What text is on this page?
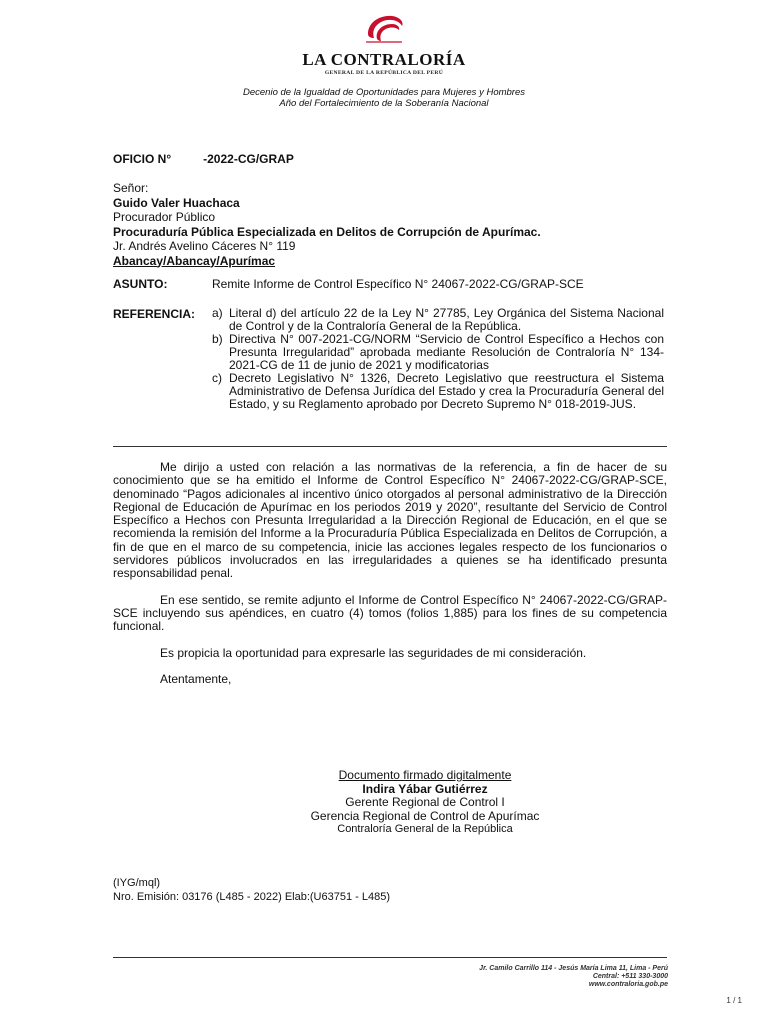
LA CONTRALORÍA
GENERAL DE LA REPÚBLICA DEL PERÚ
Decenio de la Igualdad de Oportunidades para Mujeres y Hombres
Año del Fortalecimiento de la Soberanía Nacional
OFICIO N°	-2022-CG/GRAP
Señor:
Guido Valer Huachaca
Procurador Público
Procuraduría Pública Especializada en Delitos de Corrupción de Apurímac.
Jr. Andrés Avelino Cáceres N° 119
Abancay/Abancay/Apurímac
ASUNTO:	Remite Informe de Control Específico N° 24067-2022-CG/GRAP-SCE
REFERENCIA: a) Literal d) del artículo 22 de la Ley N° 27785, Ley Orgánica del Sistema Nacional de Control y de la Contraloría General de la República.
b) Directiva N° 007-2021-CG/NORM “Servicio de Control Específico a Hechos con Presunta Irregularidad” aprobada mediante Resolución de Contraloría N° 134-2021-CG de 11 de junio de 2021 y modificatorias
c) Decreto Legislativo N° 1326, Decreto Legislativo que reestructura el Sistema Administrativo de Defensa Jurídica del Estado y crea la Procuraduría General del Estado, y su Reglamento aprobado por Decreto Supremo N° 018-2019-JUS.

Me dirijo a usted con relación a las normativas de la referencia, a fin de hacer de su conocimiento que se ha emitido el Informe de Control Específico N° 24067-2022-CG/GRAP-SCE, denominado “Pagos adicionales al incentivo único otorgados al personal administrativo de la Dirección Regional de Educación de Apurímac en los periodos 2019 y 2020”, resultante del Servicio de Control Específico a Hechos con Presunta Irregularidad a la Dirección Regional de Educación, en el que se recomienda la remisión del Informe a la Procuraduría Pública Especializada en Delitos de Corrupción, a fin de que en el marco de su competencia, inicie las acciones legales respecto de los funcionarios o servidores públicos involucrados en las irregularidades a quienes se ha identificado presunta responsabilidad penal.

En ese sentido, se remite adjunto el Informe de Control Específico N° 24067-2022-CG/GRAP-SCE incluyendo sus apéndices, en cuatro (4) tomos (folios 1,885) para los fines de su competencia funcional.

Es propicia la oportunidad para expresarle las seguridades de mi consideración.

Atentamente,

Documento firmado digitalmente
Indira Yábar Gutiérrez
Gerente Regional de Control I
Gerencia Regional de Control de Apurímac
Contraloría General de la República
(IYG/mql)
Nro. Emisión: 03176 (L485 - 2022) Elab:(U63751 - L485)
Jr. Camilo Carrillo 114 - Jesús María Lima 11, Lima - Perú
Central: +511 330-3000
www.contraloria.gob.pe
1 / 1
